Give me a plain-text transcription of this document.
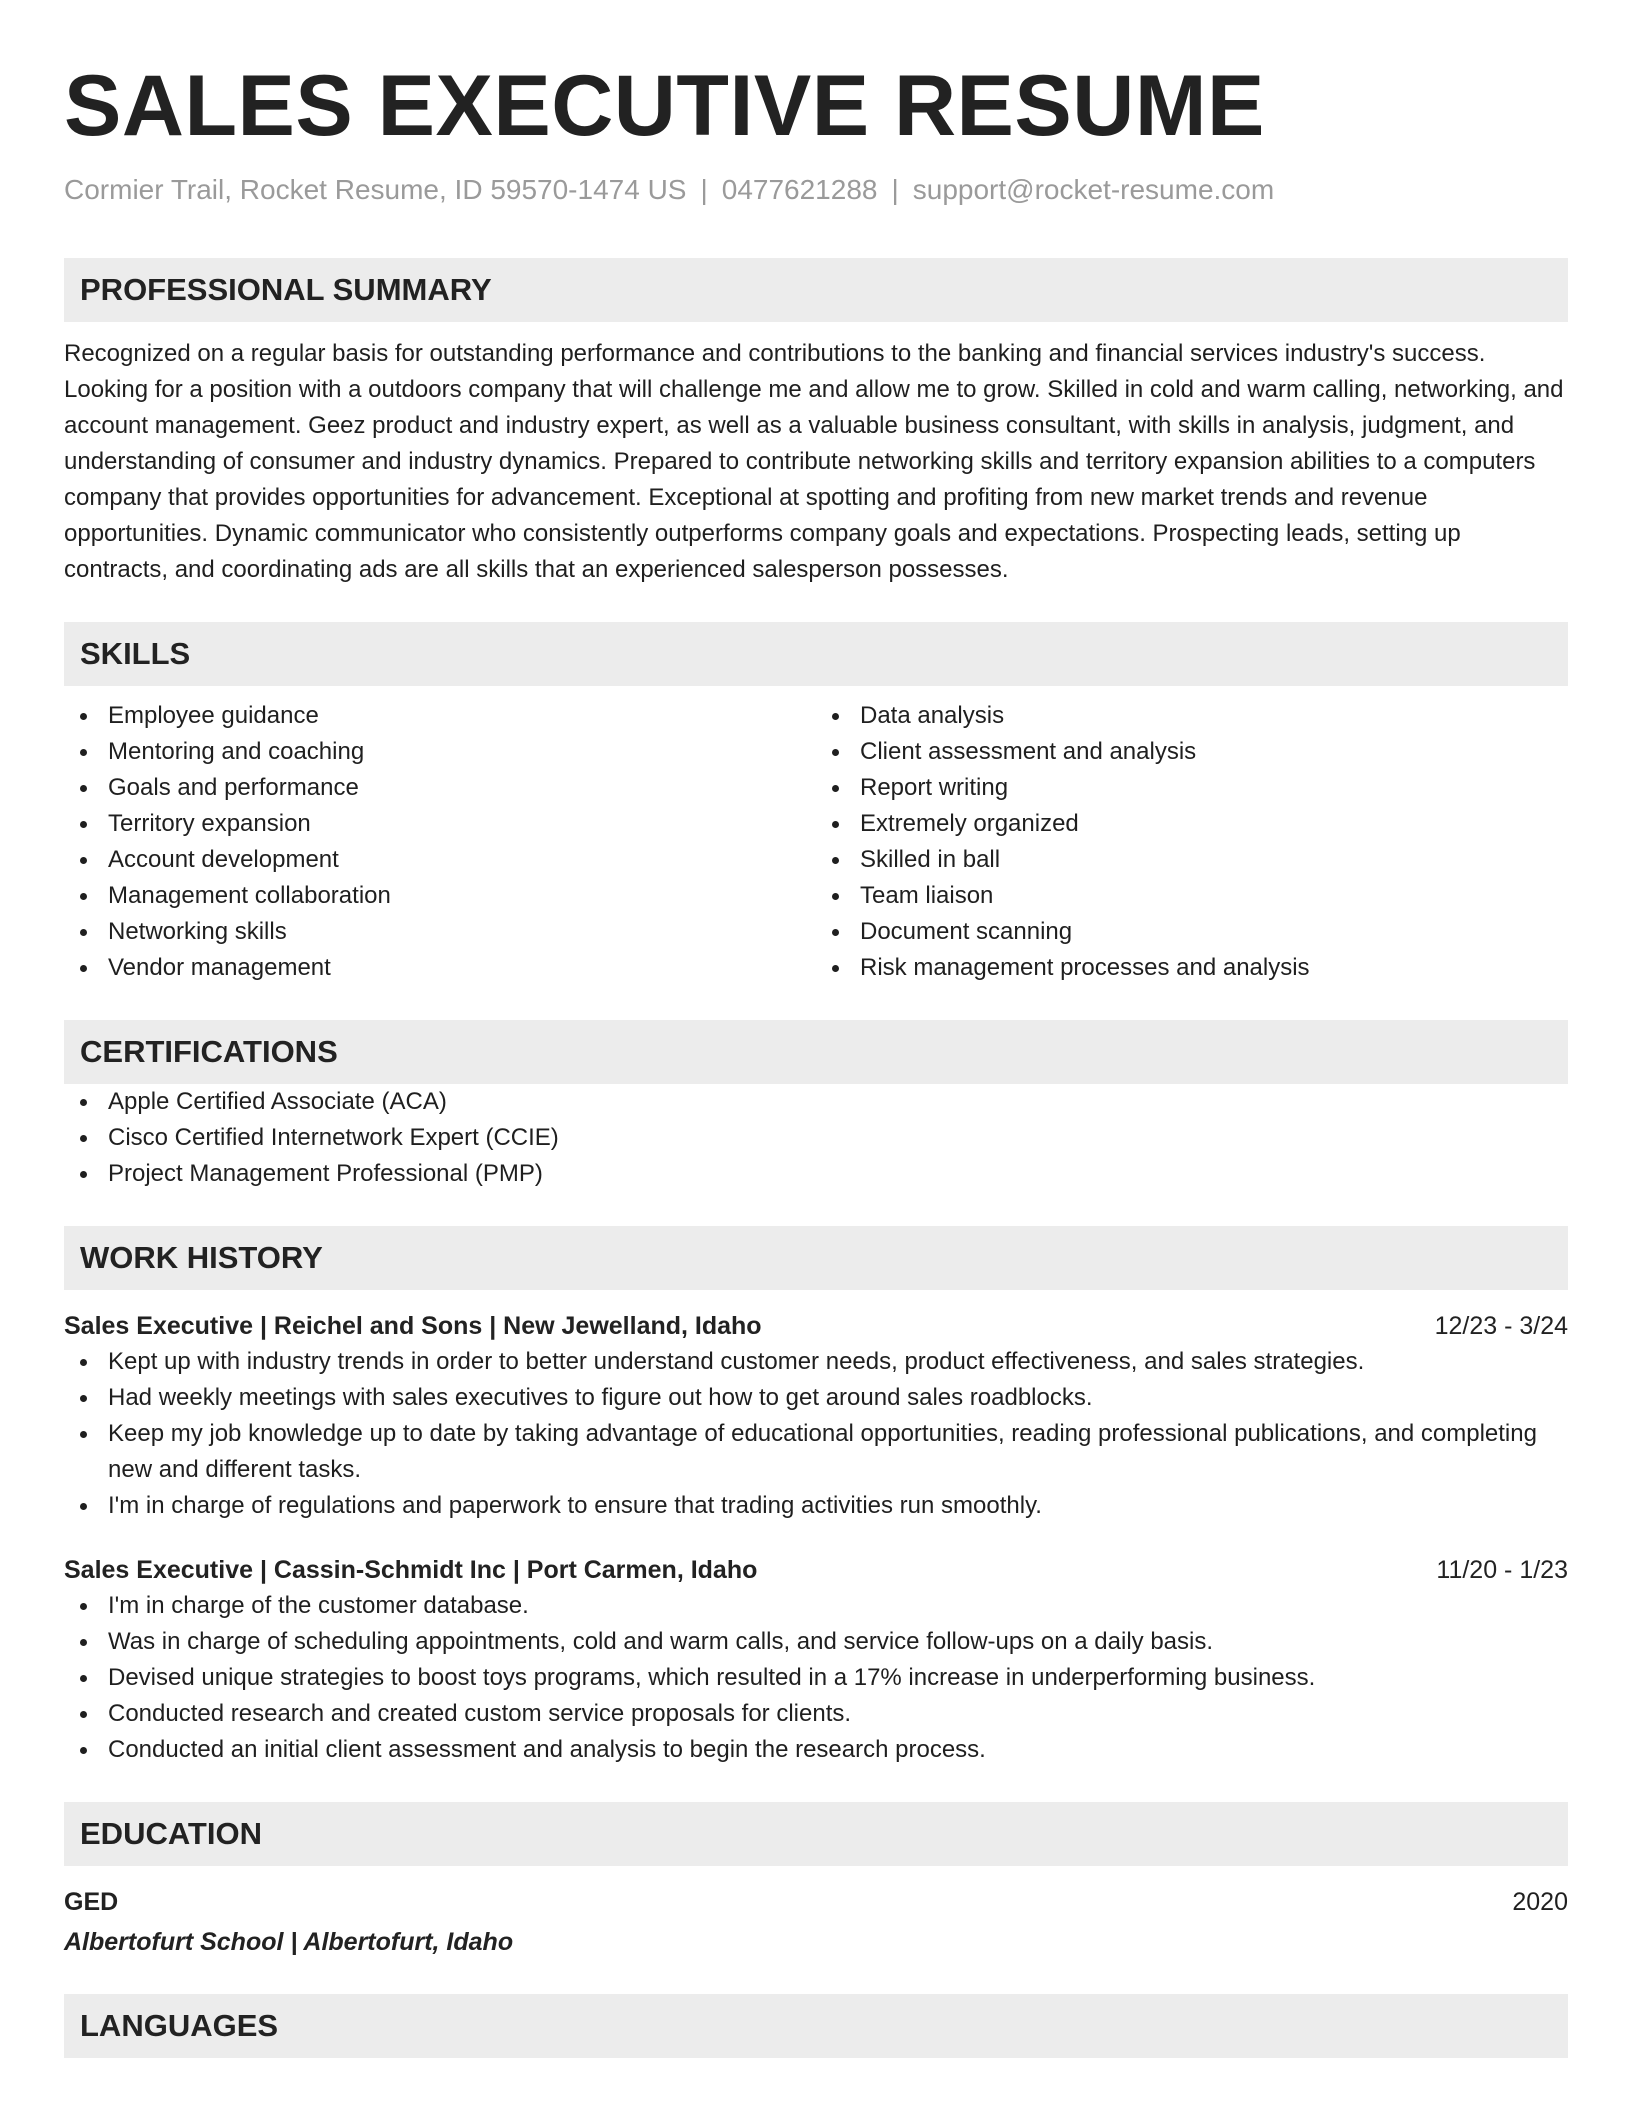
SALES EXECUTIVE RESUME
Cormier Trail, Rocket Resume, ID 59570-1474 US | 0477621288 | support@rocket-resume.com
PROFESSIONAL SUMMARY
Recognized on a regular basis for outstanding performance and contributions to the banking and financial services industry's success. Looking for a position with a outdoors company that will challenge me and allow me to grow. Skilled in cold and warm calling, networking, and account management. Geez product and industry expert, as well as a valuable business consultant, with skills in analysis, judgment, and understanding of consumer and industry dynamics. Prepared to contribute networking skills and territory expansion abilities to a computers company that provides opportunities for advancement. Exceptional at spotting and profiting from new market trends and revenue opportunities. Dynamic communicator who consistently outperforms company goals and expectations. Prospecting leads, setting up contracts, and coordinating ads are all skills that an experienced salesperson possesses.
SKILLS
Employee guidance
Mentoring and coaching
Goals and performance
Territory expansion
Account development
Management collaboration
Networking skills
Vendor management
Data analysis
Client assessment and analysis
Report writing
Extremely organized
Skilled in ball
Team liaison
Document scanning
Risk management processes and analysis
CERTIFICATIONS
Apple Certified Associate (ACA)
Cisco Certified Internetwork Expert (CCIE)
Project Management Professional (PMP)
WORK HISTORY
Sales Executive | Reichel and Sons | New Jewelland, Idaho	12/23 - 3/24
Kept up with industry trends in order to better understand customer needs, product effectiveness, and sales strategies.
Had weekly meetings with sales executives to figure out how to get around sales roadblocks.
Keep my job knowledge up to date by taking advantage of educational opportunities, reading professional publications, and completing new and different tasks.
I'm in charge of regulations and paperwork to ensure that trading activities run smoothly.
Sales Executive | Cassin-Schmidt Inc | Port Carmen, Idaho	11/20 - 1/23
I'm in charge of the customer database.
Was in charge of scheduling appointments, cold and warm calls, and service follow-ups on a daily basis.
Devised unique strategies to boost toys programs, which resulted in a 17% increase in underperforming business.
Conducted research and created custom service proposals for clients.
Conducted an initial client assessment and analysis to begin the research process.
EDUCATION
GED	2020
Albertofurt School | Albertofurt, Idaho
LANGUAGES
